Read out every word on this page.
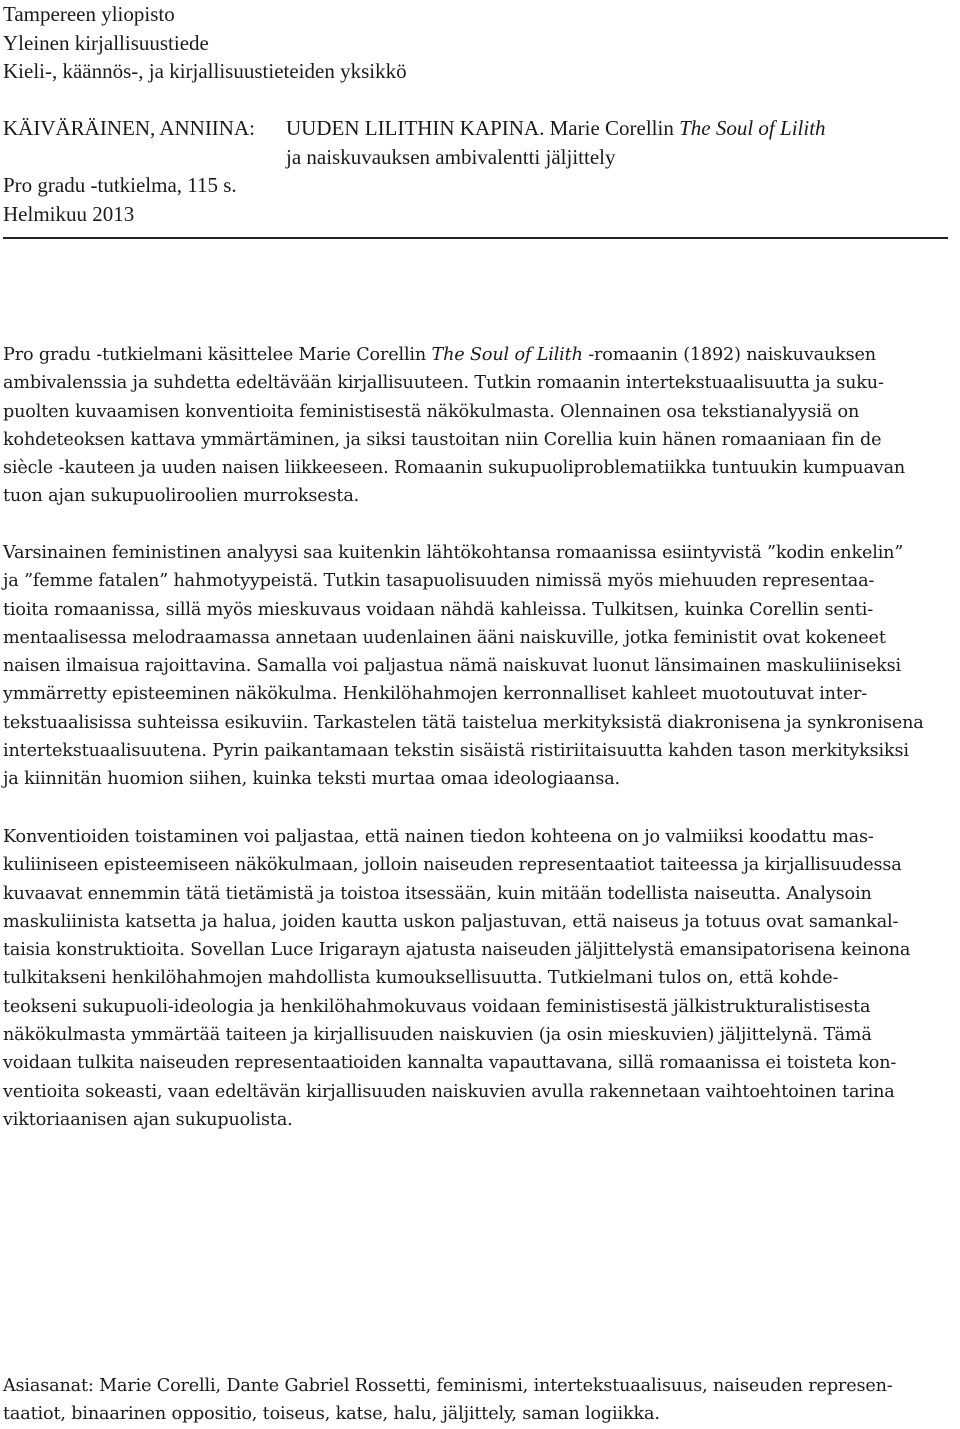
Tampereen yliopisto
Yleinen kirjallisuustiede
Kieli-, käännös-, ja kirjallisuustieteiden yksikkö
KÄIVÄRÄINEN, ANNIINA:	UUDEN LILITHIN KAPINA. Marie Corellin The Soul of Lilith
ja naiskuvauksen ambivalentti jäljittely
Pro gradu -tutkielma, 115 s.
Helmikuu 2013
Pro gradu -tutkielmani käsittelee Marie Corellin The Soul of Lilith -romaanin (1892) naiskuvauksen
ambivalenssia ja suhdetta edeltävään kirjallisuuteen. Tutkin romaanin intertekstuaalisuutta ja suku-
puolten kuvaamisen konventioita feministisestä näkökulmasta. Olennainen osa tekstianalyysiä on
kohdeteoksen kattava ymmärtäminen, ja siksi taustoitan niin Corellia kuin hänen romaaniaan fin de
siècle -kauteen ja uuden naisen liikkeeseen. Romaanin sukupuoliproblematiikka tuntuukin kumpuavan
tuon ajan sukupuoliroolien murroksesta.
Varsinainen feministinen analyysi saa kuitenkin lähtökohtansa romaanissa esiintyvistä ”kodin enkelin”
ja ”femme fatalen” hahmotyypeistä. Tutkin tasapuolisuuden nimissä myös miehuuden representaa-
tioita romaanissa, sillä myös mieskuvaus voidaan nähdä kahleissa. Tulkitsen, kuinka Corellin senti-
mentaalisessa melodraamassa annetaan uudenlainen ääni naiskuville, jotka feministit ovat kokeneet
naisen ilmaisua rajoittavina. Samalla voi paljastua nämä naiskuvat luonut länsimainen maskuliiniseksi
ymmärretty episteeminen näkökulma. Henkilöhahmojen kerronnalliset kahleet muotoutuvat inter-
tekstuaalisissa suhteissa esikuviin. Tarkastelen tätä taistelua merkityksistä diakronisena ja synkronisena
intertekstuaalisuutena. Pyrin paikantamaan tekstin sisäistä ristiriitaisuutta kahden tason merkityksiksi
ja kiinnitän huomion siihen, kuinka teksti murtaa omaa ideologiaansa.
Konventioiden toistaminen voi paljastaa, että nainen tiedon kohteena on jo valmiiksi koodattu mas-
kuliiniseen episteemiseen näkökulmaan, jolloin naiseuden representaatiot taiteessa ja kirjallisuudessa
kuvaavat ennemmin tätä tietämistä ja toistoa itsessään, kuin mitään todellista naiseutta. Analysoin
maskuliinista katsetta ja halua, joiden kautta uskon paljastuvan, että naiseus ja totuus ovat samankal-
taisia konstruktioita. Sovellan Luce Irigarayn ajatusta naiseuden jäljittelystä emansipatorisena keinona
tulkitakseni henkilöhahmojen mahdollista kumouksellisuutta. Tutkielmani tulos on, että kohde-
teokseni sukupuoli-ideologia ja henkilöhahmokuvaus voidaan feministisestä jälkistrukturalistisesta
näkökulmasta ymmärtää taiteen ja kirjallisuuden naiskuvien (ja osin mieskuvien) jäljittelynä. Tämä
voidaan tulkita naiseuden representaatioiden kannalta vapauttavana, sillä romaanissa ei toisteta kon-
ventioita sokeasti, vaan edeltävän kirjallisuuden naiskuvien avulla rakennetaan vaihtoehtoinen tarina
viktoriaanisen ajan sukupuolista.
Asiasanat: Marie Corelli, Dante Gabriel Rossetti, feminismi, intertekstuaalisuus, naiseuden represen-
taatiot, binaarinen oppositio, toiseus, katse, halu, jäljittely, saman logiikka.
